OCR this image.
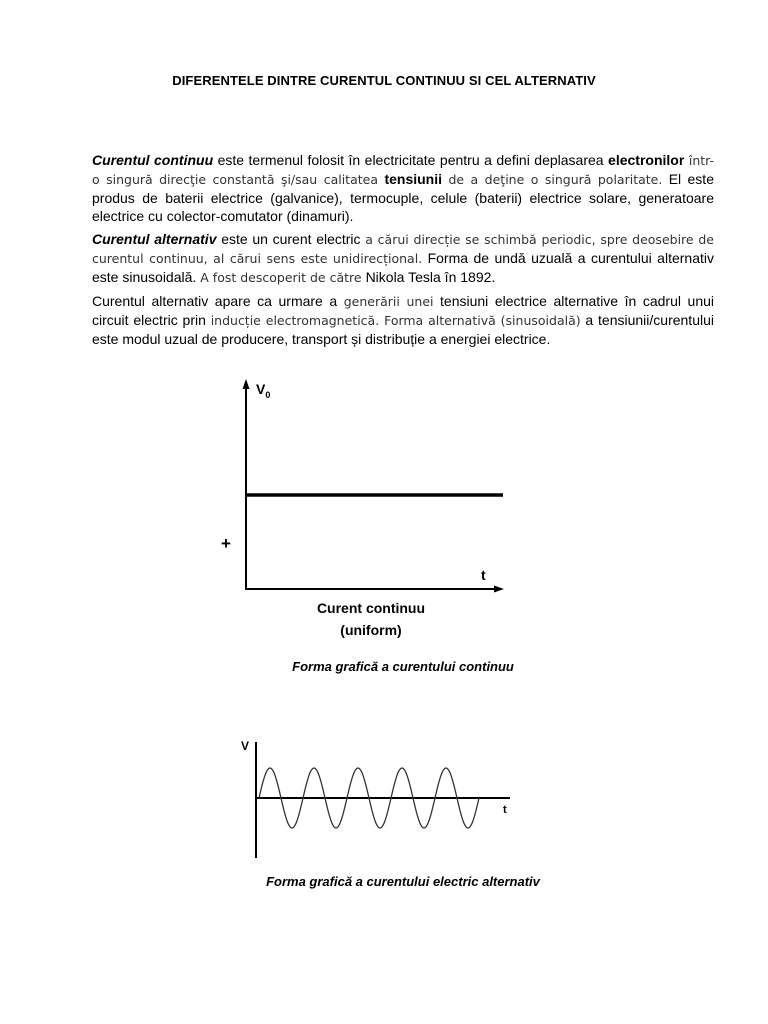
DIFERENTELE DINTRE CURENTUL CONTINUU SI CEL ALTERNATIV

Curentul continuu este termenul folosit în electricitate pentru a defini deplasarea electronilor într-o singură direcţie constantă şi/sau calitatea tensiunii de a deţine o singură polaritate. El este produs de baterii electrice (galvanice), termocuple, celule (baterii) electrice solare, generatoare electrice cu colector-comutator (dinamuri).

Curentul alternativ este un curent electric a cărui direcție se schimbă periodic, spre deosebire de curentul continuu, al cărui sens este unidirecțional. Forma de undă uzuală a curentului alternativ este sinusoidală. A fost descoperit de către Nikola Tesla în 1892.

Curentul alternativ apare ca urmare a generării unei tensiuni electrice alternative în cadrul unui circuit electric prin inducție electromagnetică. Forma alternativă (sinusoidală) a tensiunii/curentului este modul uzual de producere, transport și distribuție a energiei electrice.

$V_0$
t
+
Curent continuu
(uniform)
Forma grafică a curentului continuu
V
t
Forma grafică a curentului electric alternativ
